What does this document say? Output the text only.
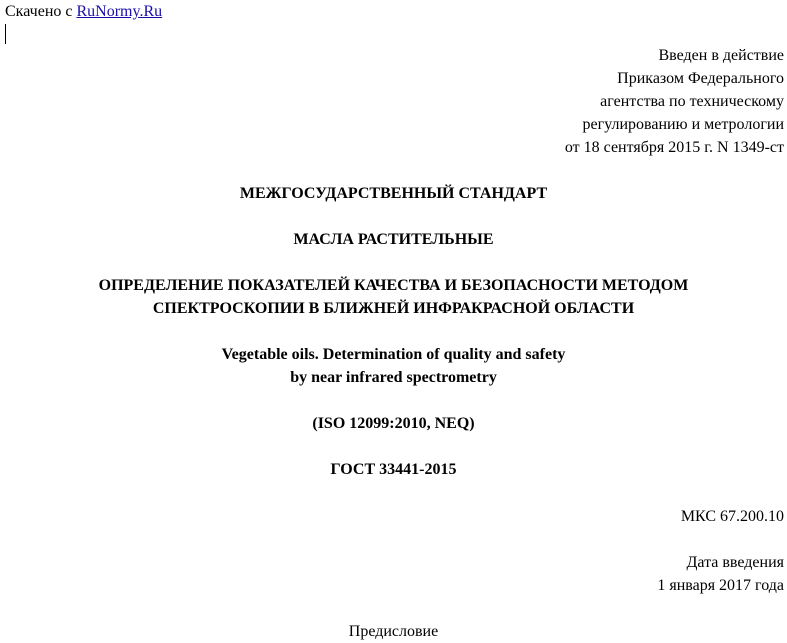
Скачено с RuNormy.Ru
Введен в действие
Приказом Федерального
агентства по техническому
регулированию и метрологии
от 18 сентября 2015 г. N 1349-ст
МЕЖГОСУДАРСТВЕННЫЙ СТАНДАРТ
МАСЛА РАСТИТЕЛЬНЫЕ
ОПРЕДЕЛЕНИЕ ПОКАЗАТЕЛЕЙ КАЧЕСТВА И БЕЗОПАСНОСТИ МЕТОДОМ
СПЕКТРОСКОПИИ В БЛИЖНЕЙ ИНФРАКРАСНОЙ ОБЛАСТИ
Vegetable oils. Determination of quality and safety
by near infrared spectrometry
(ISO 12099:2010, NEQ)
ГОСТ 33441-2015
МКС 67.200.10
Дата введения
1 января 2017 года
Предисловие
